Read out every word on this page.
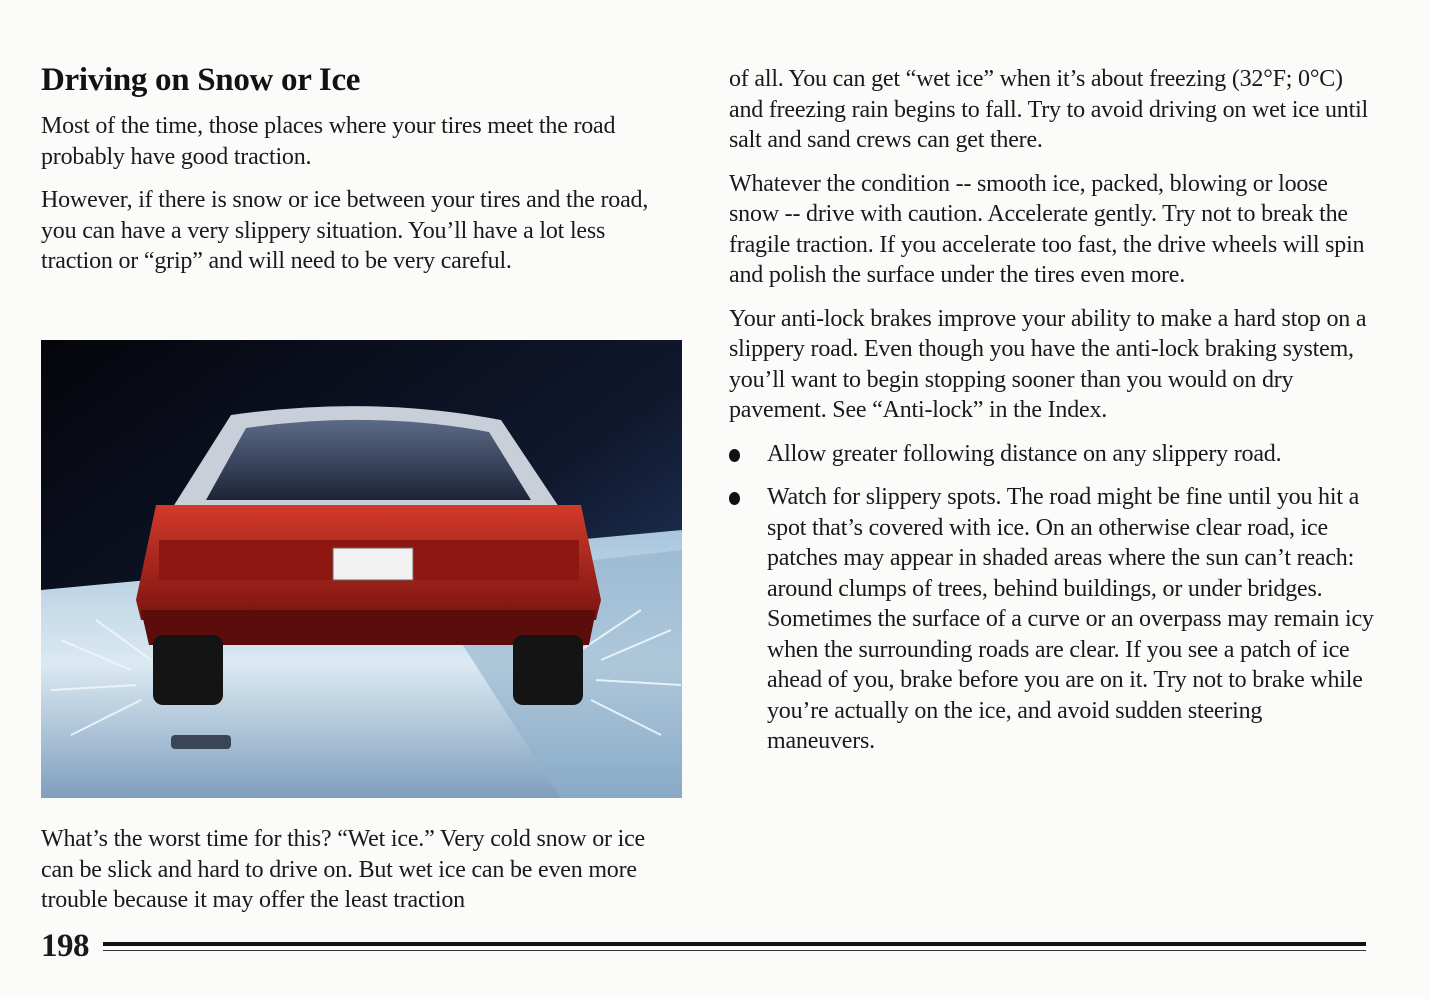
Driving on Snow or Ice

Most of the time, those places where your tires meet the road probably have good traction.

However, if there is snow or ice between your tires and the road, you can have a very slippery situation. You’ll have a lot less traction or “grip” and will need to be very careful.

What’s the worst time for this? “Wet ice.” Very cold snow or ice can be slick and hard to drive on. But wet ice can be even more trouble because it may offer the least traction

of all. You can get “wet ice” when it’s about freezing (32°F; 0°C) and freezing rain begins to fall. Try to avoid driving on wet ice until salt and sand crews can get there.

Whatever the condition -- smooth ice, packed, blowing or loose snow -- drive with caution. Accelerate gently. Try not to break the fragile traction. If you accelerate too fast, the drive wheels will spin and polish the surface under the tires even more.

Your anti-lock brakes improve your ability to make a hard stop on a slippery road. Even though you have the anti-lock braking system, you’ll want to begin stopping sooner than you would on dry pavement. See “Anti-lock” in the Index.

Allow greater following distance on any slippery road.
Watch for slippery spots. The road might be fine until you hit a spot that’s covered with ice. On an otherwise clear road, ice patches may appear in shaded areas where the sun can’t reach: around clumps of trees, behind buildings, or under bridges. Sometimes the surface of a curve or an overpass may remain icy when the surrounding roads are clear. If you see a patch of ice ahead of you, brake before you are on it. Try not to brake while you’re actually on the ice, and avoid sudden steering maneuvers.
198
